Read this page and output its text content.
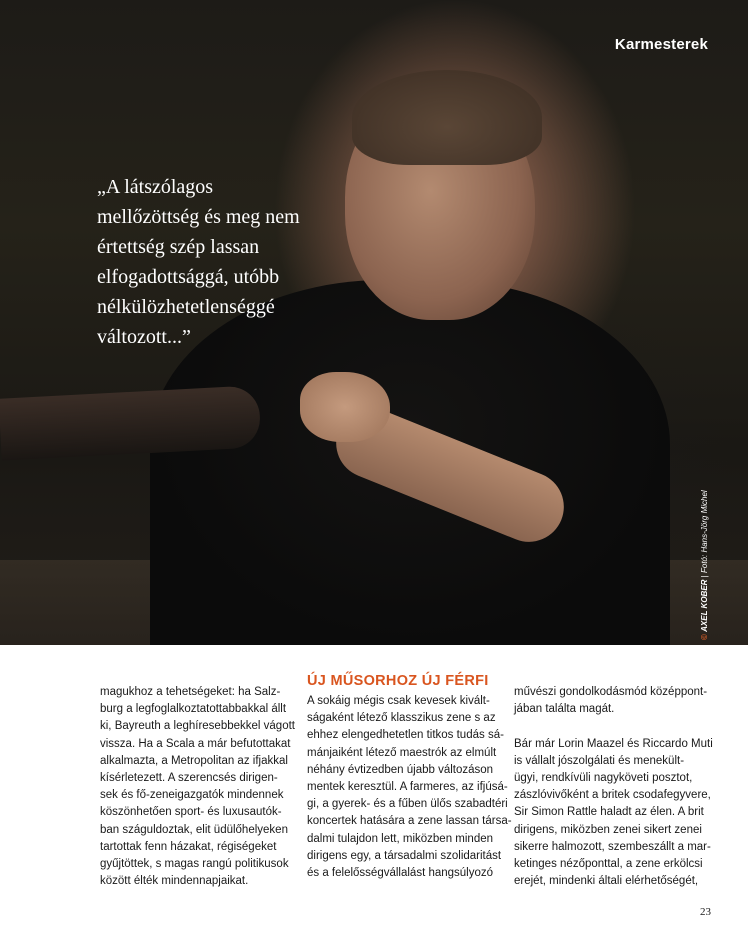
Karmesterek
„A látszólagos
mellőzöttség és meg nem
értettség szép lassan
elfogadottsággá, utóbb
nélkülözhetetlenséggé
változott...”
© AXEL KOBER | Fotó: Hans-Jörg Michel
magukhoz a tehetségeket: ha Salz-
burg a legfoglalkoztatottabbakkal állt
ki, Bayreuth a leghíresebbekkel vágott
vissza. Ha a Scala a már befutottakat
alkalmazta, a Metropolitan az ifjakkal
kísérletezett. A szerencsés dirigen-
sek és fő-zeneigazgatók mindennek
köszönhetően sport- és luxusautók-
ban száguldoztak, elit üdülőhelyeken
tartottak fenn házakat, régiségeket
gyűjtöttek, s magas rangú politikusok
között élték mindennapjaikat.
ÚJ MŰSORHOZ ÚJ FÉRFI
A sokáig mégis csak kevesek kivált-
ságaként létező klasszikus zene s az
ehhez elengedhetetlen titkos tudás sá-
mánjaiként létező maestrók az elmúlt
néhány évtizedben újabb változáson
mentek keresztül. A farmeres, az ifjúsá-
gi, a gyerek- és a fűben ülős szabadtéri
koncertek hatására a zene lassan társa-
dalmi tulajdon lett, miközben minden
dirigens egy, a társadalmi szolidaritást
és a felelősségvállalást hangsúlyozó
művészi gondolkodásmód középpont-
jában találta magát.
Bár már Lorin Maazel és Riccardo Muti
is vállalt jószolgálati és menekült-
ügyi, rendkívüli nagyköveti posztot,
zászlóvivőként a britek csodafegyvere,
Sir Simon Rattle haladt az élen. A brit
dirigens, miközben zenei sikert zenei
sikerre halmozott, szembeszállt a mar-
ketinges nézőponttal, a zene erkölcsi
erejét, mindenki általi elérhetőségét,
23
